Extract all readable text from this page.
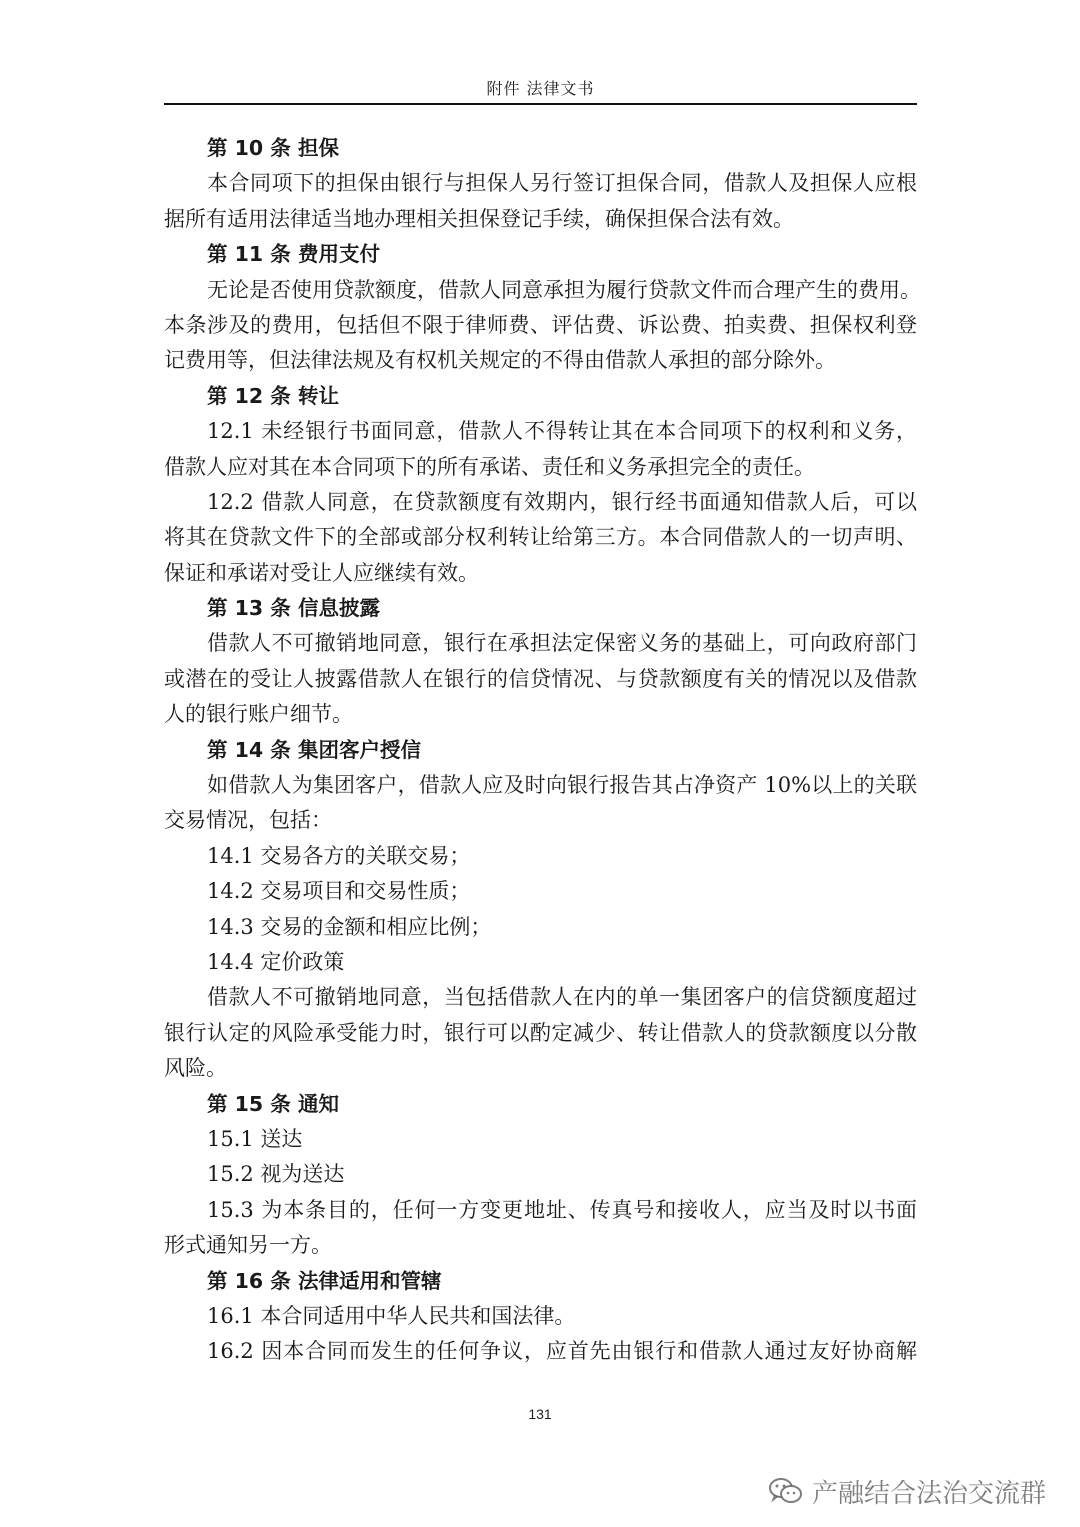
附件 法律文书
第 10 条 担保
本合同项下的担保由银行与担保人另行签订担保合同，借款人及担保人应根
据所有适用法律适当地办理相关担保登记手续，确保担保合法有效。
第 11 条 费用支付
无论是否使用贷款额度，借款人同意承担为履行贷款文件而合理产生的费用。
本条涉及的费用，包括但不限于律师费、评估费、诉讼费、拍卖费、担保权利登
记费用等，但法律法规及有权机关规定的不得由借款人承担的部分除外。
第 12 条 转让
12.1 未经银行书面同意，借款人不得转让其在本合同项下的权利和义务，
借款人应对其在本合同项下的所有承诺、责任和义务承担完全的责任。
12.2 借款人同意，在贷款额度有效期内，银行经书面通知借款人后，可以
将其在贷款文件下的全部或部分权利转让给第三方。本合同借款人的一切声明、
保证和承诺对受让人应继续有效。
第 13 条 信息披露
借款人不可撤销地同意，银行在承担法定保密义务的基础上，可向政府部门
或潜在的受让人披露借款人在银行的信贷情况、与贷款额度有关的情况以及借款
人的银行账户细节。
第 14 条 集团客户授信
如借款人为集团客户，借款人应及时向银行报告其占净资产 10%以上的关联
交易情况，包括：
14.1 交易各方的关联交易；
14.2 交易项目和交易性质；
14.3 交易的金额和相应比例；
14.4 定价政策
借款人不可撤销地同意，当包括借款人在内的单一集团客户的信贷额度超过
银行认定的风险承受能力时，银行可以酌定减少、转让借款人的贷款额度以分散
风险。
第 15 条 通知
15.1 送达
15.2 视为送达
15.3 为本条目的，任何一方变更地址、传真号和接收人，应当及时以书面
形式通知另一方。
第 16 条 法律适用和管辖
16.1 本合同适用中华人民共和国法律。
16.2 因本合同而发生的任何争议，应首先由银行和借款人通过友好协商解
131
产融结合法治交流群
